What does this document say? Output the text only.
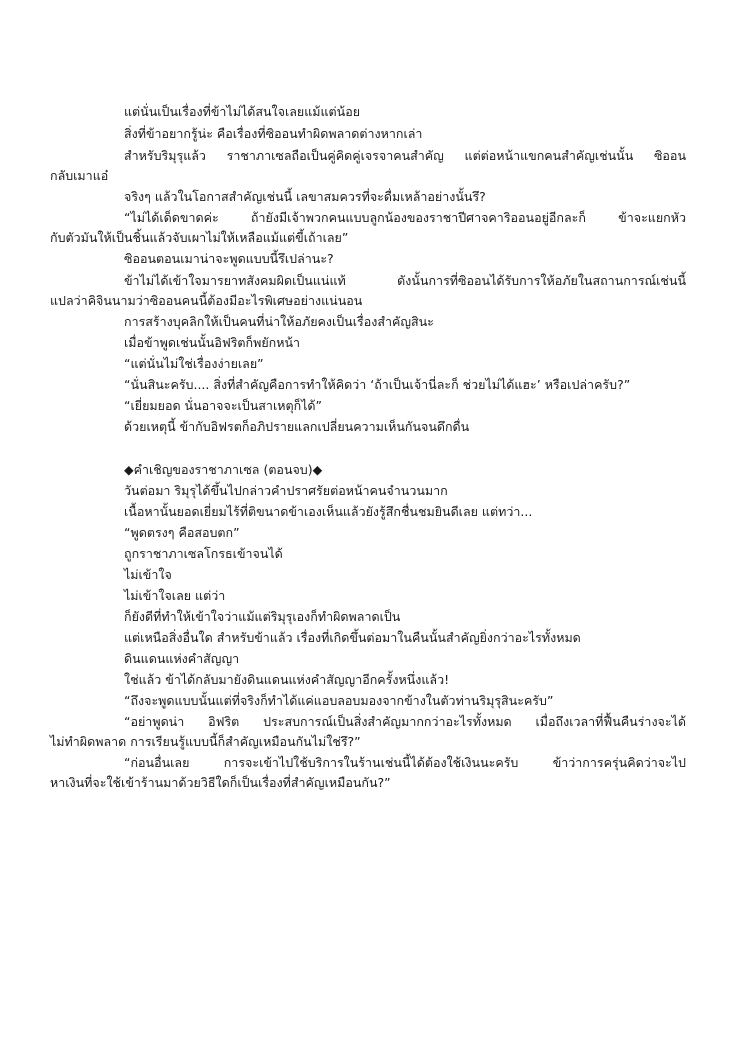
แต่นั่นเป็นเรื่องที่ข้าไม่ได้สนใจเลยแม้แต่น้อย
สิ่งที่ข้าอยากรู้น่ะ คือเรื่องที่ซิออนทำผิดพลาดต่างหากเล่า
สำหรับริมุรุแล้ว ราชาภาเซลถือเป็นคู่คิดคู่เจรจาคนสำคัญ แต่ต่อหน้าแขกคนสำคัญเช่นนั้น ซิออน
กลับเมาแอ๋
จริงๆ แล้วในโอกาสสำคัญเช่นนี้ เลขาสมควรที่จะดื่มเหล้าอย่างนั้นรึ?
“ไม่ได้เด็ดขาดค่ะ ถ้ายังมีเจ้าพวกคนแบบลูกน้องของราชาปีศาจคาริออนอยู่อีกละก็ ข้าจะแยกหัว
กับตัวมันให้เป็นชิ้นแล้วจับเผาไม่ให้เหลือแม้แต่ขี้เถ้าเลย”
ซิออนตอนเมาน่าจะพูดแบบนี้รึเปล่านะ?
ข้าไม่ได้เข้าใจมารยาทสังคมผิดเป็นแน่แท้ ดังนั้นการที่ซิออนได้รับการให้อภัยในสถานการณ์เช่นนี้
แปลว่าคิจินนามว่าซิออนคนนี้ต้องมีอะไรพิเศษอย่างแน่นอน
การสร้างบุคลิกให้เป็นคนที่น่าให้อภัยคงเป็นเรื่องสำคัญสินะ
เมื่อข้าพูดเช่นนั้นอิฟริตก็พยักหน้า
“แต่นั่นไม่ใช่เรื่องง่ายเลย”
“นั่นสินะครับ.... สิ่งที่สำคัญคือการทำให้คิดว่า ‘ถ้าเป็นเจ้านี่ละก็ ช่วยไม่ได้แฮะ’ หรือเปล่าครับ?”
“เยี่ยมยอด นั่นอาจจะเป็นสาเหตุก็ได้”
ด้วยเหตุนี้ ข้ากับอิฟรตก็อภิปรายแลกเปลี่ยนความเห็นกันจนดึกดื่น
◆คำเชิญของราชาภาเซล (ตอนจบ)◆
วันต่อมา ริมุรุได้ขึ้นไปกล่าวคำปราศรัยต่อหน้าคนจำนวนมาก
เนื้อหานั้นยอดเยี่ยมไร้ที่ติขนาดข้าเองเห็นแล้วยังรู้สึกชื่นชมยินดีเลย แต่ทว่า...
“พูดตรงๆ คือสอบตก”
ถูกราชาภาเซลโกรธเข้าจนได้
ไม่เข้าใจ
ไม่เข้าใจเลย แต่ว่า
ก็ยังดีที่ทำให้เข้าใจว่าแม้แต่ริมุรุเองก็ทำผิดพลาดเป็น
แต่เหนือสิ่งอื่นใด สำหรับข้าแล้ว เรื่องที่เกิดขึ้นต่อมาในคืนนั้นสำคัญยิ่งกว่าอะไรทั้งหมด
ดินแดนแห่งคำสัญญา
ใช่แล้ว ข้าได้กลับมายังดินแดนแห่งคำสัญญาอีกครั้งหนึ่งแล้ว!
“ถึงจะพูดแบบนั้นแต่ที่จริงก็ทำได้แค่แอบลอบมองจากข้างในตัวท่านริมุรุสินะครับ”
“อย่าพูดน่า อิฟริต ประสบการณ์เป็นสิ่งสำคัญมากกว่าอะไรทั้งหมด เมื่อถึงเวลาที่ฟื้นคืนร่างจะได้
ไม่ทำผิดพลาด การเรียนรู้แบบนี้ก็สำคัญเหมือนกันไม่ใช่รึ?”
“ก่อนอื่นเลย การจะเข้าไปใช้บริการในร้านเช่นนี้ได้ต้องใช้เงินนะครับ ข้าว่าการครุ่นคิดว่าจะไป
หาเงินที่จะใช้เข้าร้านมาด้วยวิธีใดก็เป็นเรื่องที่สำคัญเหมือนกัน?”
